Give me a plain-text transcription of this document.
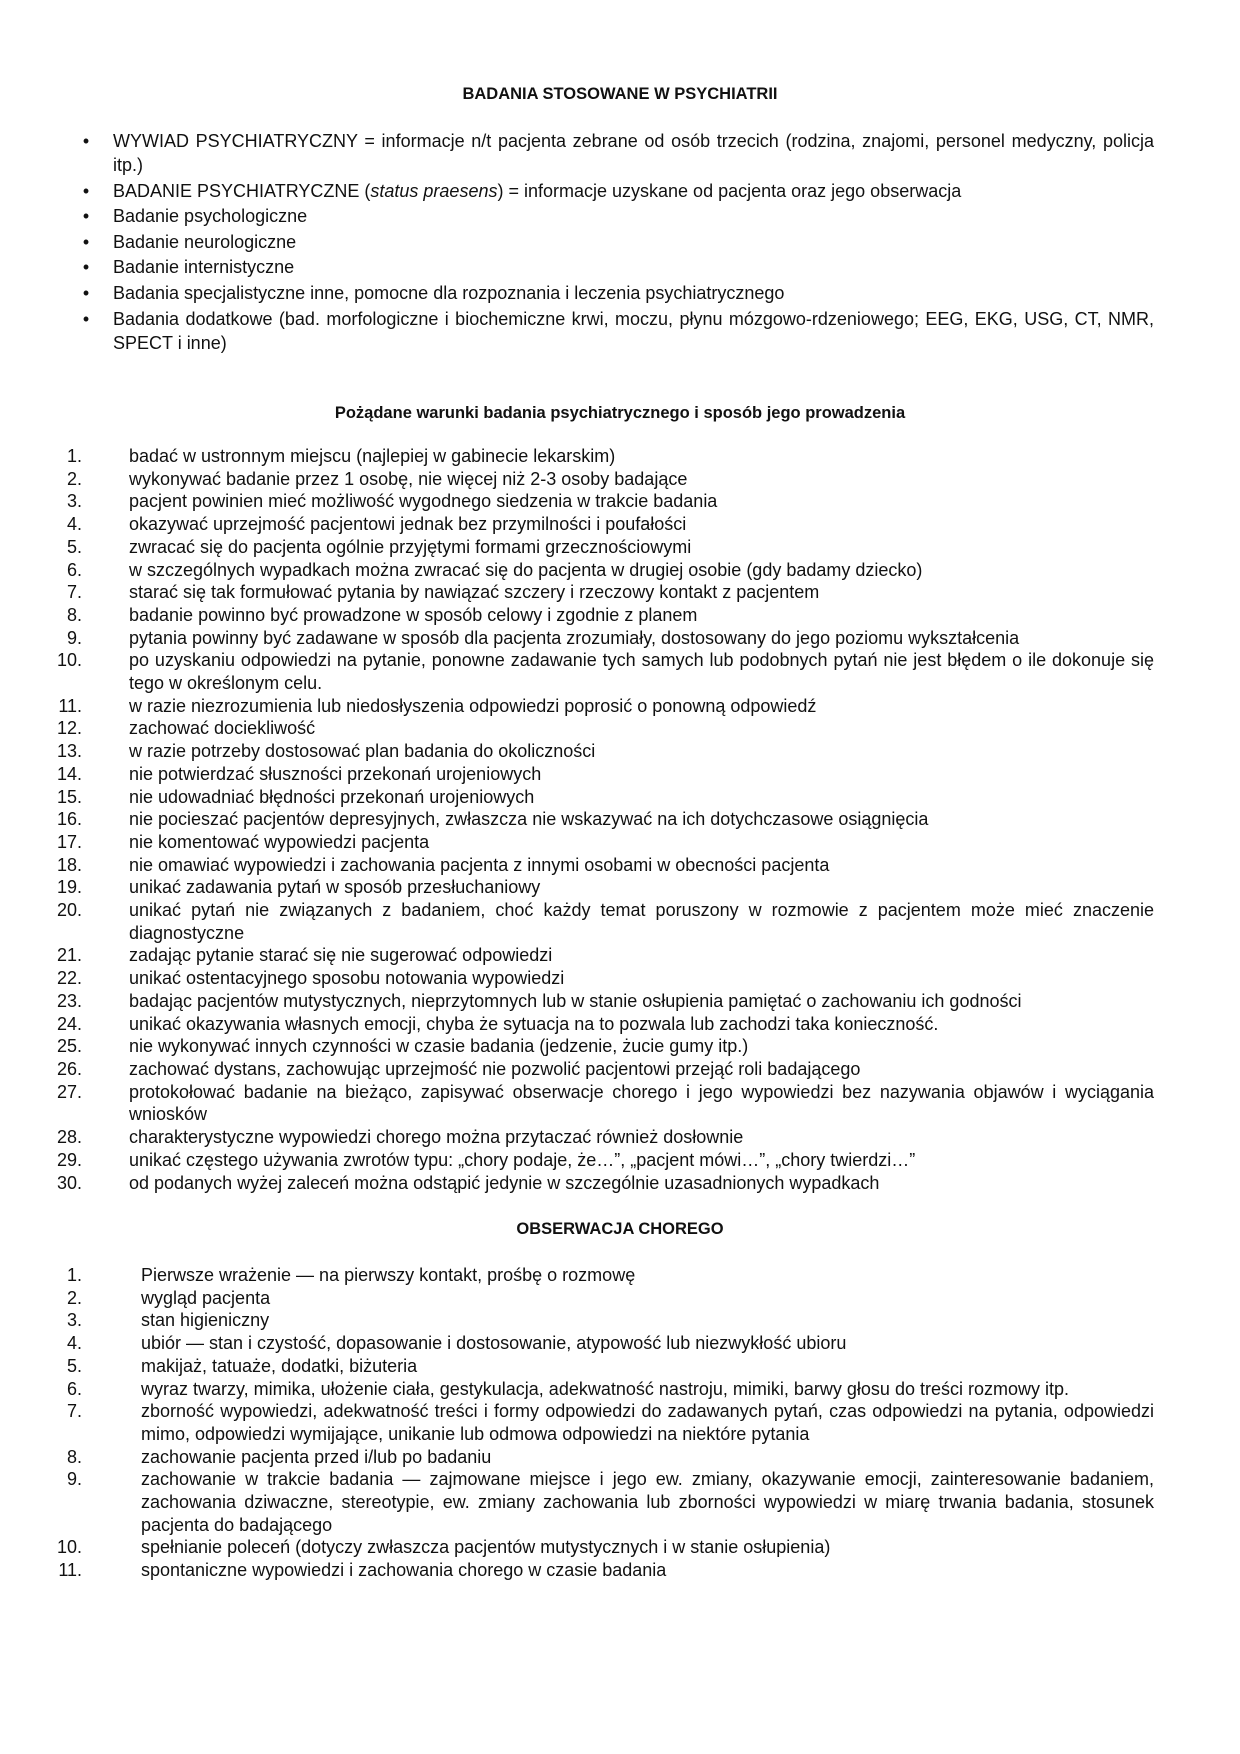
BADANIA STOSOWANE W PSYCHIATRII
• WYWIAD PSYCHIATRYCZNY = informacje n/t pacjenta zebrane od osób trzecich (rodzina, znajomi, personel medyczny, policja itp.)
• BADANIE PSYCHIATRYCZNE (status praesens) = informacje uzyskane od pacjenta oraz jego obserwacja
• Badanie psychologiczne
• Badanie neurologiczne
• Badanie internistyczne
• Badania specjalistyczne inne, pomocne dla rozpoznania i leczenia psychiatrycznego
• Badania dodatkowe (bad. morfologiczne i biochemiczne krwi, moczu, płynu mózgowo-rdzeniowego; EEG, EKG, USG, CT, NMR, SPECT i inne)
Pożądane warunki badania psychiatrycznego i sposób jego prowadzenia
1.	badać w ustronnym miejscu (najlepiej w gabinecie lekarskim)
2.	wykonywać badanie przez 1 osobę, nie więcej niż 2-3 osoby badające
3.	pacjent powinien mieć możliwość wygodnego siedzenia w trakcie badania
4.	okazywać uprzejmość pacjentowi jednak bez przymilności i poufałości
5.	zwracać się do pacjenta ogólnie przyjętymi formami grzecznościowymi
6.	w szczególnych wypadkach można zwracać się do pacjenta w drugiej osobie (gdy badamy dziecko)
7.	starać się tak formułować pytania by nawiązać szczery i rzeczowy kontakt z pacjentem
8.	badanie powinno być prowadzone w sposób celowy i zgodnie z planem
9.	pytania powinny być zadawane w sposób dla pacjenta zrozumiały, dostosowany do jego poziomu wykształcenia
10.	po uzyskaniu odpowiedzi na pytanie, ponowne zadawanie tych samych lub podobnych pytań nie jest błędem o ile dokonuje się tego w określonym celu.
11.	w razie niezrozumienia lub niedosłyszenia odpowiedzi poprosić o ponowną odpowiedź
12.	zachować dociekliwość
13.	w razie potrzeby dostosować plan badania do okoliczności
14.	nie potwierdzać słuszności przekonań urojeniowych
15.	nie udowadniać błędności przekonań urojeniowych
16.	nie pocieszać pacjentów depresyjnych, zwłaszcza nie wskazywać na ich dotychczasowe osiągnięcia
17.	nie komentować wypowiedzi pacjenta
18.	nie omawiać wypowiedzi i zachowania pacjenta z innymi osobami w obecności pacjenta
19.	unikać zadawania pytań w sposób przesłuchaniowy
20.	unikać pytań nie związanych z badaniem, choć każdy temat poruszony w rozmowie z pacjentem może mieć znaczenie diagnostyczne
21.	zadając pytanie starać się nie sugerować odpowiedzi
22.	unikać ostentacyjnego sposobu notowania wypowiedzi
23.	badając pacjentów mutystycznych, nieprzytomnych lub w stanie osłupienia pamiętać o zachowaniu ich godności
24.	unikać okazywania własnych emocji, chyba że sytuacja na to pozwala lub zachodzi taka konieczność.
25.	nie wykonywać innych czynności w czasie badania (jedzenie, żucie gumy itp.)
26.	zachować dystans, zachowując uprzejmość nie pozwolić pacjentowi przejąć roli badającego
27.	protokołować badanie na bieżąco, zapisywać obserwacje chorego i jego wypowiedzi bez nazywania objawów i wyciągania wniosków
28.	charakterystyczne wypowiedzi chorego można przytaczać również dosłownie
29.	unikać częstego używania zwrotów typu: „chory podaje, że…”, „pacjent mówi…”, „chory twierdzi…”
30.	od podanych wyżej zaleceń można odstąpić jedynie w szczególnie uzasadnionych wypadkach
OBSERWACJA CHOREGO
1.	Pierwsze wrażenie — na pierwszy kontakt, prośbę o rozmowę
2.	wygląd pacjenta
3.	stan higieniczny
4.	ubiór — stan i czystość, dopasowanie i dostosowanie, atypowość lub niezwykłość ubioru
5.	makijaż, tatuaże, dodatki, biżuteria
6.	wyraz twarzy, mimika, ułożenie ciała, gestykulacja, adekwatność nastroju, mimiki, barwy głosu do treści rozmowy itp.
7.	zborność wypowiedzi, adekwatność treści i formy odpowiedzi do zadawanych pytań, czas odpowiedzi na pytania, odpowiedzi mimo, odpowiedzi wymijające, unikanie lub odmowa odpowiedzi na niektóre pytania
8.	zachowanie pacjenta przed i/lub po badaniu
9.	zachowanie w trakcie badania — zajmowane miejsce i jego ew. zmiany, okazywanie emocji, zainteresowanie badaniem, zachowania dziwaczne, stereotypie, ew. zmiany zachowania lub zborności wypowiedzi w miarę trwania badania, stosunek pacjenta do badającego
10.	spełnianie poleceń (dotyczy zwłaszcza pacjentów mutystycznych i w stanie osłupienia)
11.	spontaniczne wypowiedzi i zachowania chorego w czasie badania
